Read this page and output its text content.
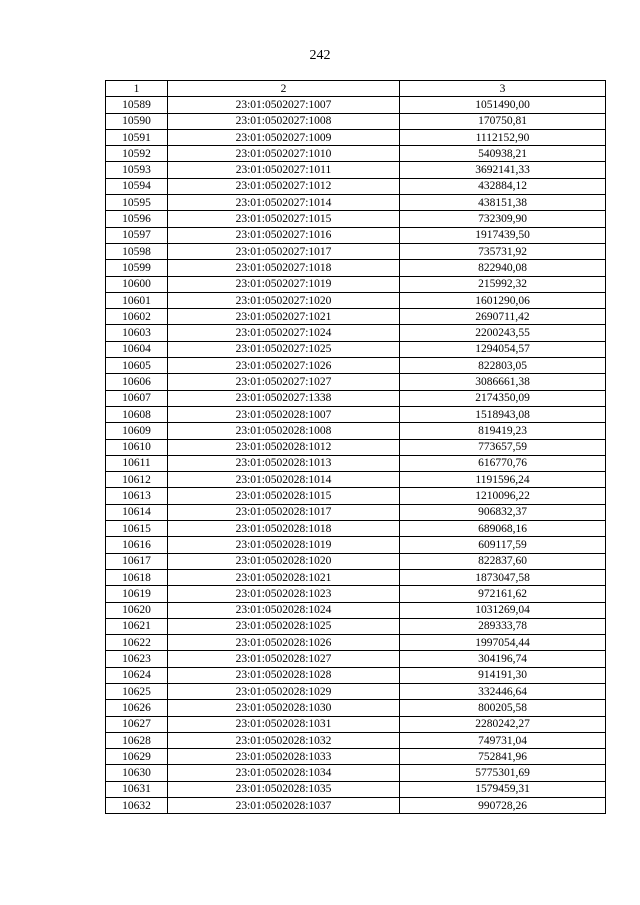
242
1	2	3
10589	23:01:0502027:1007	1051490,00
10590	23:01:0502027:1008	170750,81
10591	23:01:0502027:1009	1112152,90
10592	23:01:0502027:1010	540938,21
10593	23:01:0502027:1011	3692141,33
10594	23:01:0502027:1012	432884,12
10595	23:01:0502027:1014	438151,38
10596	23:01:0502027:1015	732309,90
10597	23:01:0502027:1016	1917439,50
10598	23:01:0502027:1017	735731,92
10599	23:01:0502027:1018	822940,08
10600	23:01:0502027:1019	215992,32
10601	23:01:0502027:1020	1601290,06
10602	23:01:0502027:1021	2690711,42
10603	23:01:0502027:1024	2200243,55
10604	23:01:0502027:1025	1294054,57
10605	23:01:0502027:1026	822803,05
10606	23:01:0502027:1027	3086661,38
10607	23:01:0502027:1338	2174350,09
10608	23:01:0502028:1007	1518943,08
10609	23:01:0502028:1008	819419,23
10610	23:01:0502028:1012	773657,59
10611	23:01:0502028:1013	616770,76
10612	23:01:0502028:1014	1191596,24
10613	23:01:0502028:1015	1210096,22
10614	23:01:0502028:1017	906832,37
10615	23:01:0502028:1018	689068,16
10616	23:01:0502028:1019	609117,59
10617	23:01:0502028:1020	822837,60
10618	23:01:0502028:1021	1873047,58
10619	23:01:0502028:1023	972161,62
10620	23:01:0502028:1024	1031269,04
10621	23:01:0502028:1025	289333,78
10622	23:01:0502028:1026	1997054,44
10623	23:01:0502028:1027	304196,74
10624	23:01:0502028:1028	914191,30
10625	23:01:0502028:1029	332446,64
10626	23:01:0502028:1030	800205,58
10627	23:01:0502028:1031	2280242,27
10628	23:01:0502028:1032	749731,04
10629	23:01:0502028:1033	752841,96
10630	23:01:0502028:1034	5775301,69
10631	23:01:0502028:1035	1579459,31
10632	23:01:0502028:1037	990728,26
